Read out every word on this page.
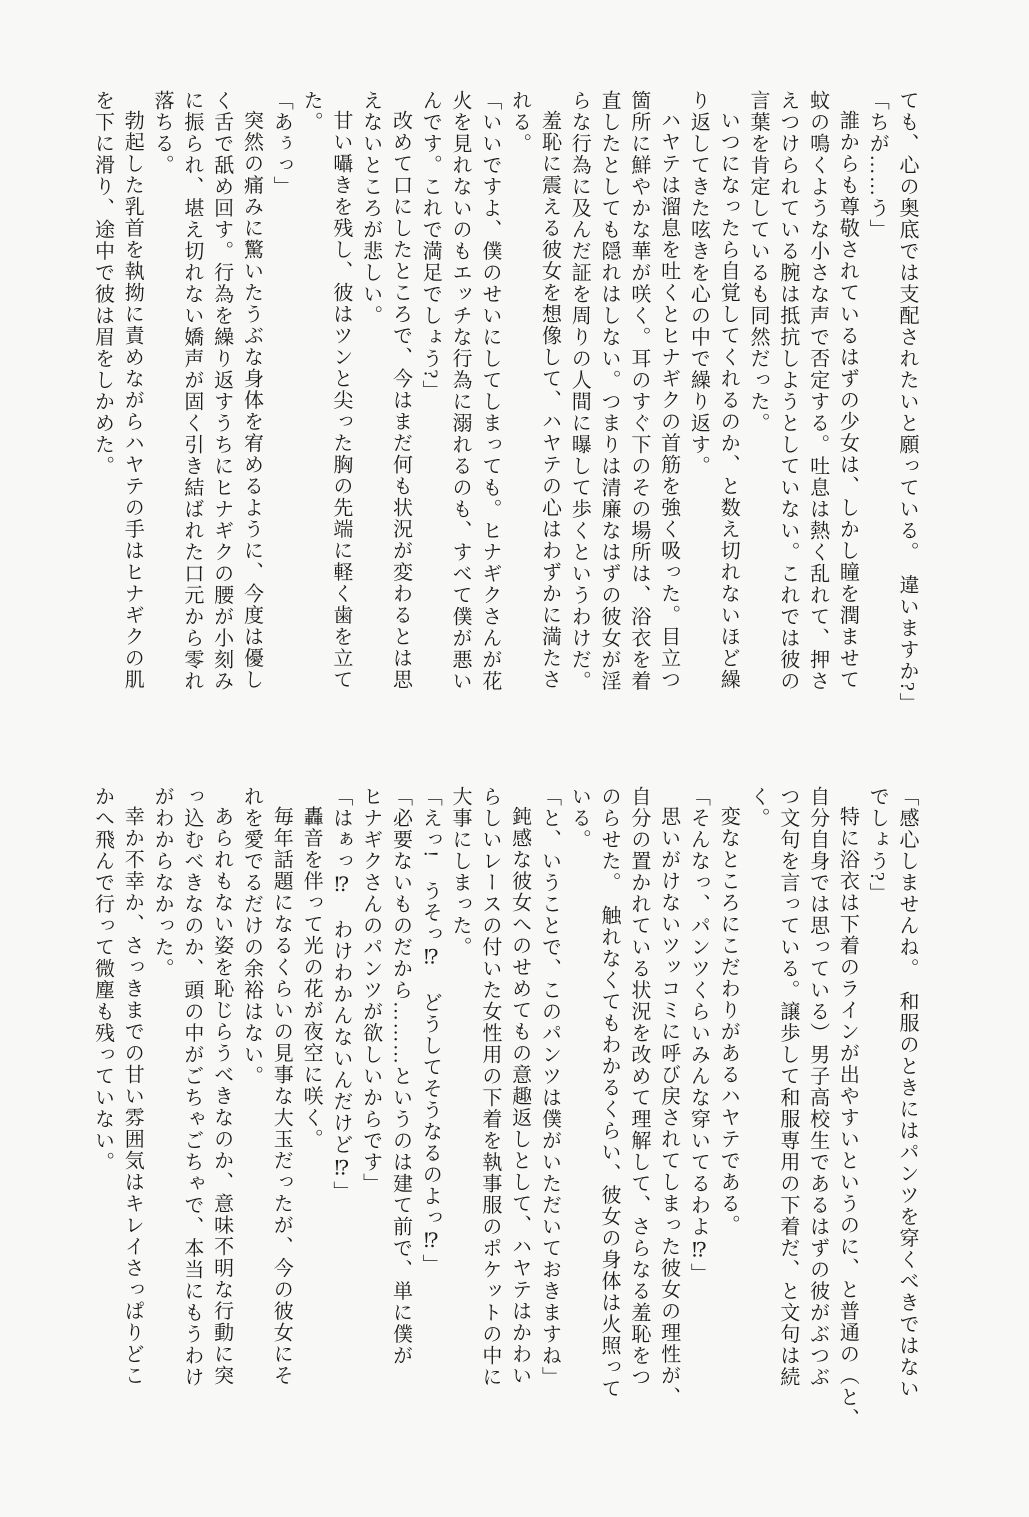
ても、心の奥底では支配されたいと願っている。　違いますか?」

「ちが……う」

誰からも尊敬されているはずの少女は、しかし瞳を潤ませて

蚊の鳴くような小さな声で否定する。吐息は熱く乱れて、押さ

えつけられている腕は抵抗しようとしていない。これでは彼の

言葉を肯定しているも同然だった。

いつになったら自覚してくれるのか、と数え切れないほど繰

り返してきた呟きを心の中で繰り返す。

ハヤテは溜息を吐くとヒナギクの首筋を強く吸った。目立つ

箇所に鮮やかな華が咲く。耳のすぐ下のその場所は、浴衣を着

直したとしても隠れはしない。つまりは清廉なはずの彼女が淫

らな行為に及んだ証を周りの人間に曝して歩くというわけだ。

羞恥に震える彼女を想像して、ハヤテの心はわずかに満たさ

れる。

「いいですよ、僕のせいにしてしまっても。ヒナギクさんが花

火を見れないのもエッチな行為に溺れるのも、すべて僕が悪い

んです。これで満足でしょう?」

改めて口にしたところで、今はまだ何も状況が変わるとは思

えないところが悲しい。

甘い囁きを残し、彼はツンと尖った胸の先端に軽く歯を立て

た。

「あぅっ」

突然の痛みに驚いたうぶな身体を宥めるように、今度は優し

く舌で舐め回す。行為を繰り返すうちにヒナギクの腰が小刻み

に振られ、堪え切れない嬌声が固く引き結ばれた口元から零れ

落ちる。

勃起した乳首を執拗に責めながらハヤテの手はヒナギクの肌

を下に滑り、途中で彼は眉をしかめた。

「感心しませんね。　和服のときにはパンツを穿くべきではない

でしょう?」

特に浴衣は下着のラインが出やすいというのに、と普通の（と、

自分自身では思っている）男子高校生であるはずの彼がぶつぶ

つ文句を言っている。譲歩して和服専用の下着だ、と文句は続

く。

変なところにこだわりがあるハヤテである。

「そんなっ、パンツくらいみんな穿いてるわよ⁉」

思いがけないツッコミに呼び戻されてしまった彼女の理性が、

自分の置かれている状況を改めて理解して、さらなる羞恥をつ

のらせた。　触れなくてもわかるくらい、彼女の身体は火照って

いる。

「と、いうことで、このパンツは僕がいただいておきますね」

鈍感な彼女へのせめてもの意趣返しとして、ハヤテはかわい

らしいレースの付いた女性用の下着を執事服のポケットの中に

大事にしまった。

「えっ!　うそっ⁉　どうしてそうなるのよっ⁉」

「必要ないものだから………というのは建て前で、単に僕が

ヒナギクさんのパンツが欲しいからです」

「はぁっ⁉　わけわかんないんだけど⁉」

轟音を伴って光の花が夜空に咲く。

毎年話題になるくらいの見事な大玉だったが、今の彼女にそ

れを愛でるだけの余裕はない。

あられもない姿を恥じらうべきなのか、意味不明な行動に突

っ込むべきなのか、頭の中がごちゃごちゃで、本当にもうわけ

がわからなかった。

幸か不幸か、さっきまでの甘い雰囲気はキレイさっぱりどこ

かへ飛んで行って微塵も残っていない。
